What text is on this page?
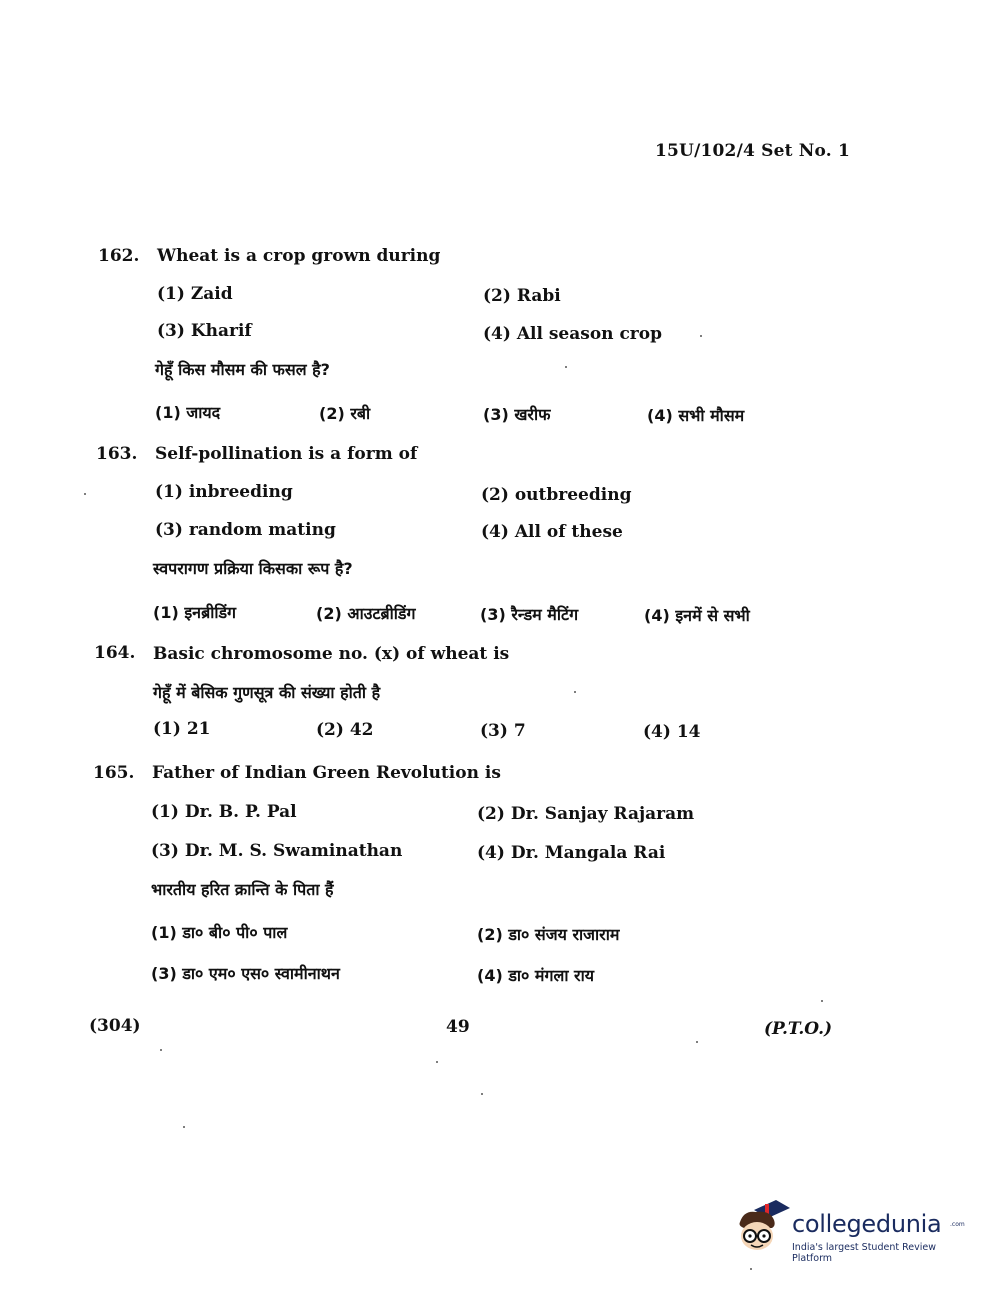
15U/102/4 Set No. 1
162. Wheat is a crop grown during
(1) Zaid	(2) Rabi
(3) Kharif	(4) All season crop
गेहूँ किस मौसम की फसल है?
(1) जायद	(2) रबी	(3) खरीफ	(4) सभी मौसम
163. Self-pollination is a form of
(1) inbreeding	(2) outbreeding
(3) random mating	(4) All of these
स्वपरागण प्रक्रिया किसका रूप है?
(1) इनब्रीडिंग	(2) आउटब्रीडिंग	(3) रैन्डम मैटिंग	(4) इनमें से सभी
164. Basic chromosome no. (x) of wheat is
गेहूँ में बेसिक गुणसूत्र की संख्या होती है
(1) 21	(2) 42	(3) 7	(4) 14
165. Father of Indian Green Revolution is
(1) Dr. B. P. Pal	(2) Dr. Sanjay Rajaram
(3) Dr. M. S. Swaminathan	(4) Dr. Mangala Rai
भारतीय हरित क्रान्ति के पिता हैं
(1) डा० बी० पी० पाल	(2) डा० संजय राजाराम
(3) डा० एम० एस० स्वामीनाथन	(4) डा० मंगला राय
(304)	49	(P.T.O.)
collegedunia .com
India's largest Student Review Platform
